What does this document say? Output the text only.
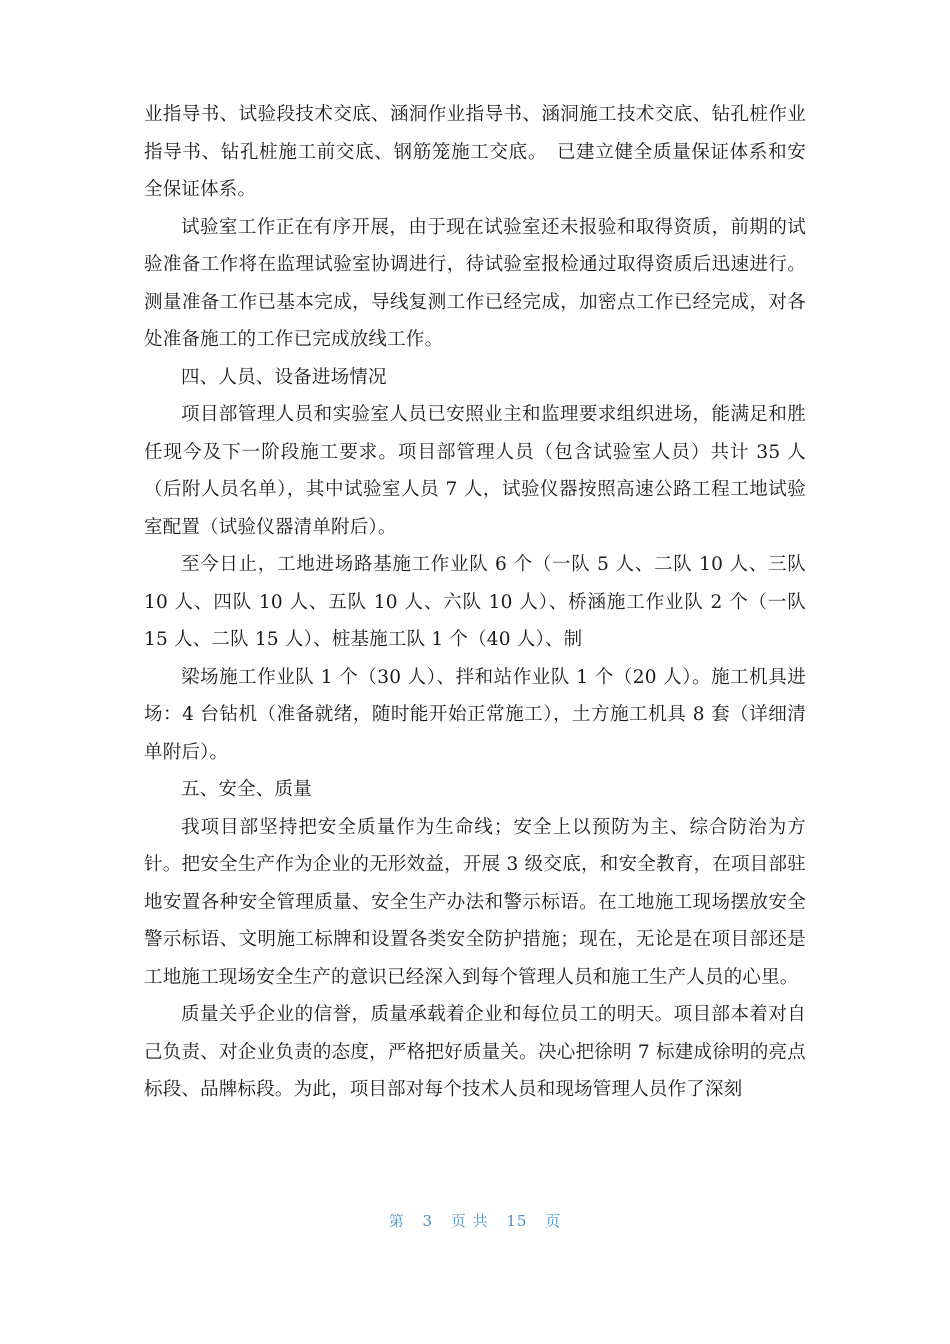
业指导书、试验段技术交底、涵洞作业指导书、涵洞施工技术交底、钻孔桩作业指导书、钻孔桩施工前交底、钢筋笼施工交底。　已建立健全质量保证体系和安全保证体系。

试验室工作正在有序开展，由于现在试验室还未报验和取得资质，前期的试验准备工作将在监理试验室协调进行，待试验室报检通过取得资质后迅速进行。测量准备工作已基本完成，导线复测工作已经完成，加密点工作已经完成，对各处准备施工的工作已完成放线工作。

四、人员、设备进场情况

项目部管理人员和实验室人员已安照业主和监理要求组织进场，能满足和胜任现今及下一阶段施工要求。项目部管理人员（包含试验室人员）共计 35 人（后附人员名单），其中试验室人员 7 人，试验仪器按照高速公路工程工地试验室配置（试验仪器清单附后）。

至今日止，工地进场路基施工作业队 6 个（一队 5 人、二队 10 人、三队 10 人、四队 10 人、五队 10 人、六队 10 人）、桥涵施工作业队 2 个（一队 15 人、二队 15 人）、桩基施工队 1 个（40 人）、制

梁场施工作业队 1 个（30 人）、拌和站作业队 1 个（20 人）。施工机具进场：4 台钻机（准备就绪，随时能开始正常施工），土方施工机具 8 套（详细清单附后）。

五、安全、质量

我项目部坚持把安全质量作为生命线；安全上以预防为主、综合防治为方针。把安全生产作为企业的无形效益，开展 3 级交底，和安全教育，在项目部驻地安置各种安全管理质量、安全生产办法和警示标语。在工地施工现场摆放安全警示标语、文明施工标牌和设置各类安全防护措施；现在，无论是在项目部还是工地施工现场安全生产的意识已经深入到每个管理人员和施工生产人员的心里。

质量关乎企业的信誉，质量承载着企业和每位员工的明天。项目部本着对自己负责、对企业负责的态度，严格把好质量关。决心把徐明 7 标建成徐明的亮点标段、品牌标段。为此，项目部对每个技术人员和现场管理人员作了深刻

第 3 页 共 15 页
